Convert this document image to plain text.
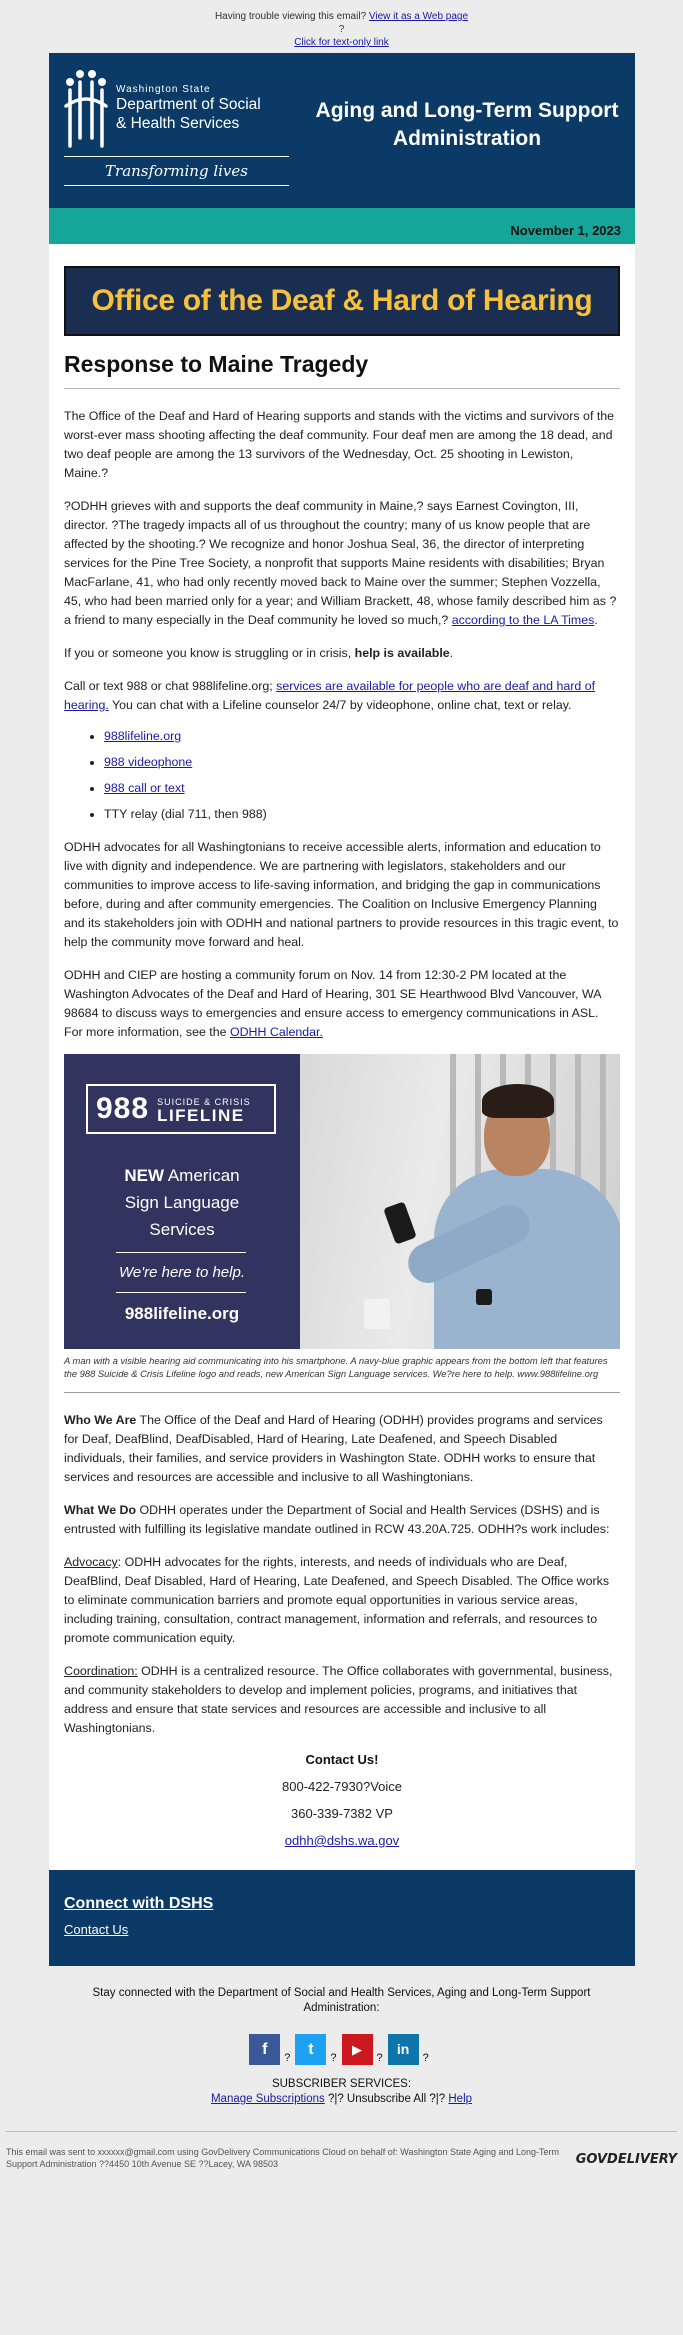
Having trouble viewing this email? View it as a Web page
?
Click for text-only link
Washington State
Department of Social
& Health Services
Transforming lives
Aging and Long-Term Support Administration
November 1, 2023
Office of the Deaf & Hard of Hearing
Response to Maine Tragedy

The Office of the Deaf and Hard of Hearing supports and stands with the victims and survivors of the worst-ever mass shooting affecting the deaf community. Four deaf men are among the 18 dead, and two deaf people are among the 13 survivors of the Wednesday, Oct. 25 shooting in Lewiston, Maine.?

?ODHH grieves with and supports the deaf community in Maine,? says Earnest Covington, III, director. ?The tragedy impacts all of us throughout the country; many of us know people that are affected by the shooting.? We recognize and honor Joshua Seal, 36, the director of interpreting services for the Pine Tree Society, a nonprofit that supports Maine residents with disabilities; Bryan MacFarlane, 41, who had only recently moved back to Maine over the summer; Stephen Vozzella, 45, who had been married only for a year; and William Brackett, 48, whose family described him as ?a friend to many especially in the Deaf community he loved so much,? according to the LA Times.

If you or someone you know is struggling or in crisis, help is available.

Call or text 988 or chat 988lifeline.org; services are available for people who are deaf and hard of hearing. You can chat with a Lifeline counselor 24/7 by videophone, online chat, text or relay.

• 988lifeline.org
• 988 videophone
• 988 call or text
• TTY relay (dial 711, then 988)

ODHH advocates for all Washingtonians to receive accessible alerts, information and education to live with dignity and independence. We are partnering with legislators, stakeholders and our communities to improve access to life-saving information, and bridging the gap in communications before, during and after community emergencies. The Coalition on Inclusive Emergency Planning and its stakeholders join with ODHH and national partners to provide resources in this tragic event, to help the community move forward and heal.

ODHH and CIEP are hosting a community forum on Nov. 14 from 12:30-2 PM located at the Washington Advocates of the Deaf and Hard of Hearing, 301 SE Hearthwood Blvd Vancouver, WA 98684 to discuss ways to emergencies and ensure access to emergency communications in ASL. For more information, see the ODHH Calendar.

988 SUICIDE & CRISIS
LIFELINE
NEW American
Sign Language
Services
We're here to help.
988lifeline.org
A man with a visible hearing aid communicating into his smartphone. A navy-blue graphic appears from the bottom left that features the 988 Suicide & Crisis Lifeline logo and reads, new American Sign Language services. We?re here to help. www.988lifeline.org

Who We Are The Office of the Deaf and Hard of Hearing (ODHH) provides programs and services for Deaf, DeafBlind, DeafDisabled, Hard of Hearing, Late Deafened, and Speech Disabled individuals, their families, and service providers in Washington State. ODHH works to ensure that services and resources are accessible and inclusive to all Washingtonians.

What We Do ODHH operates under the Department of Social and Health Services (DSHS) and is entrusted with fulfilling its legislative mandate outlined in RCW 43.20A.725. ODHH?s work includes:

Advocacy: ODHH advocates for the rights, interests, and needs of individuals who are Deaf, DeafBlind, Deaf Disabled, Hard of Hearing, Late Deafened, and Speech Disabled. The Office works to eliminate communication barriers and promote equal opportunities in various service areas, including training, consultation, contract management, information and referrals, and resources to promote communication equity.

Coordination: ODHH is a centralized resource. The Office collaborates with governmental, business, and community stakeholders to develop and implement policies, programs, and initiatives that address and ensure that state services and resources are accessible and inclusive to all Washingtonians.

Contact Us!
800-422-7930?Voice
360-339-7382 VP
odhh@dshs.wa.gov
Connect with DSHS
Contact Us
Stay connected with the Department of Social and Health Services, Aging and Long-Term Support Administration:
f ? t ?
▶
?
in
?
SUBSCRIBER SERVICES:
Manage Subscriptions ?|? Unsubscribe All ?|? Help
This email was sent to xxxxxx@gmail.com using GovDelivery Communications Cloud on behalf of: Washington State Aging and Long-Term Support Administration ??4450 10th Avenue SE ??Lacey, WA 98503	GOVDELIVERY
